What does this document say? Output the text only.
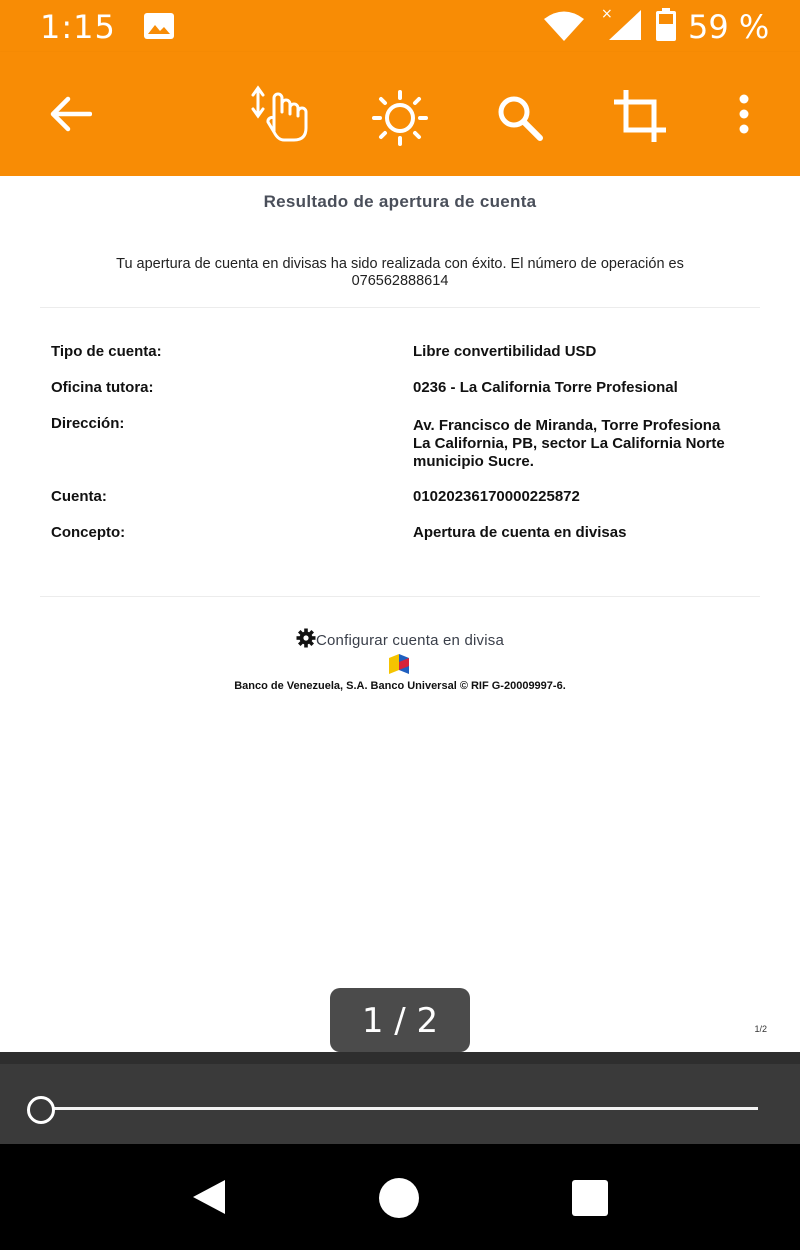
1:15	× 59 %
Resultado de apertura de cuenta
Tu apertura de cuenta en divisas ha sido realizada con éxito. El número de operación es
076562888614
Tipo de cuenta:	Libre convertibilidad USD
Oficina tutora:	0236 - La California Torre Profesional
Dirección:	Av. Francisco de Miranda, Torre Profesiona
La California, PB, sector La California Norte
municipio Sucre.
Cuenta:	01020236170000225872
Concepto:	Apertura de cuenta en divisas
Configurar cuenta en divisa
Banco de Venezuela, S.A. Banco Universal © RIF G-20009997-6.
1/2
1 / 2
